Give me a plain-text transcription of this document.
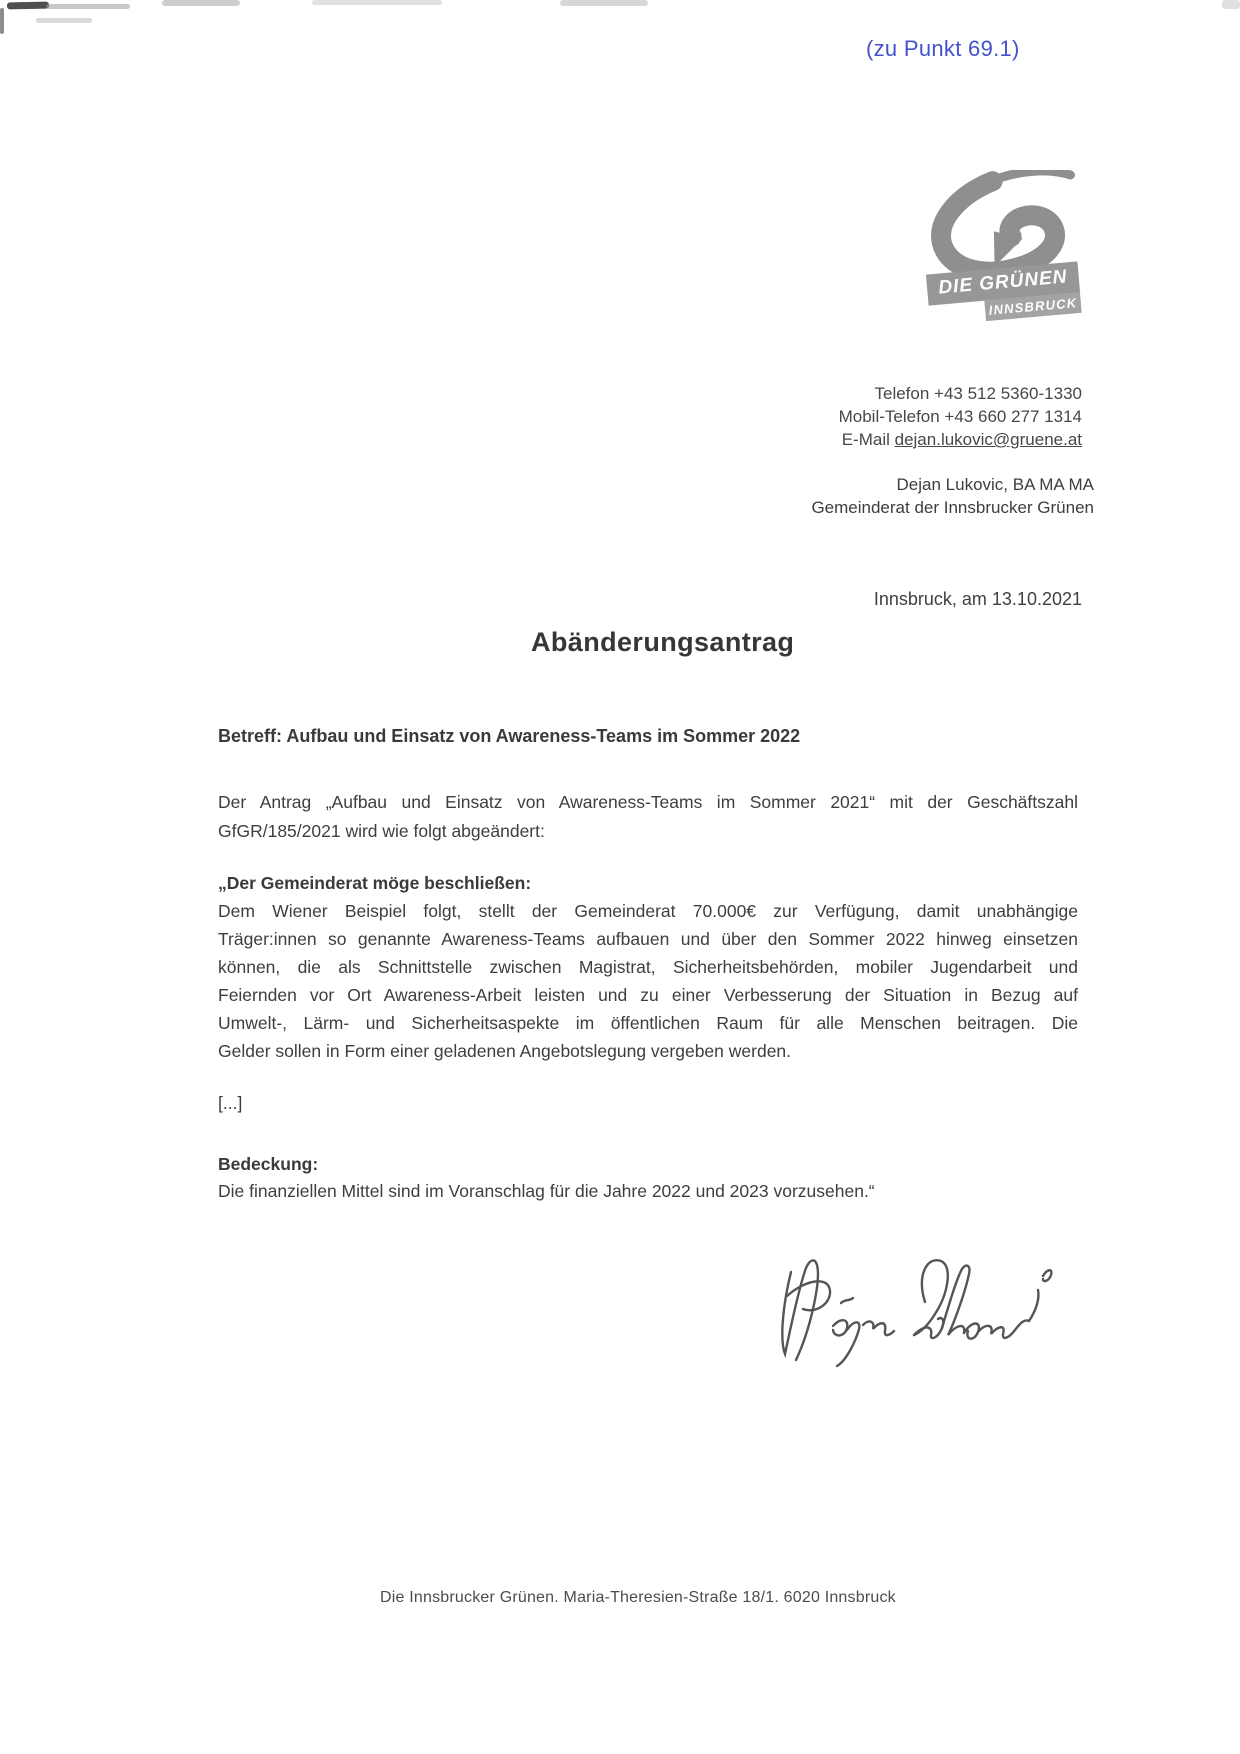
(zu Punkt 69.1)
DIE GRÜNEN
INNSBRUCK
Telefon +43 512 5360-1330
Mobil-Telefon +43 660 277 1314
E-Mail dejan.lukovic@gruene.at
Dejan Lukovic, BA MA MA
Gemeinderat der Innsbrucker Grünen
Innsbruck, am 13.10.2021
Abänderungsantrag
Betreff: Aufbau und Einsatz von Awareness-Teams im Sommer 2022
Der Antrag „Aufbau und Einsatz von Awareness-Teams im Sommer 2021“ mit der Geschäftszahl
GfGR/185/2021 wird wie folgt abgeändert:
„Der Gemeinderat möge beschließen:
Dem Wiener Beispiel folgt, stellt der Gemeinderat 70.000€ zur Verfügung, damit unabhängige
Träger:innen so genannte Awareness-Teams aufbauen und über den Sommer 2022 hinweg einsetzen
können, die als Schnittstelle zwischen Magistrat, Sicherheitsbehörden, mobiler Jugendarbeit und
Feiernden vor Ort Awareness-Arbeit leisten und zu einer Verbesserung der Situation in Bezug auf
Umwelt-, Lärm- und Sicherheitsaspekte im öffentlichen Raum für alle Menschen beitragen. Die
Gelder sollen in Form einer geladenen Angebotslegung vergeben werden.
[...]
Bedeckung:
Die finanziellen Mittel sind im Voranschlag für die Jahre 2022 und 2023 vorzusehen.“
Die Innsbrucker Grünen. Maria-Theresien-Straße 18/1. 6020 Innsbruck
